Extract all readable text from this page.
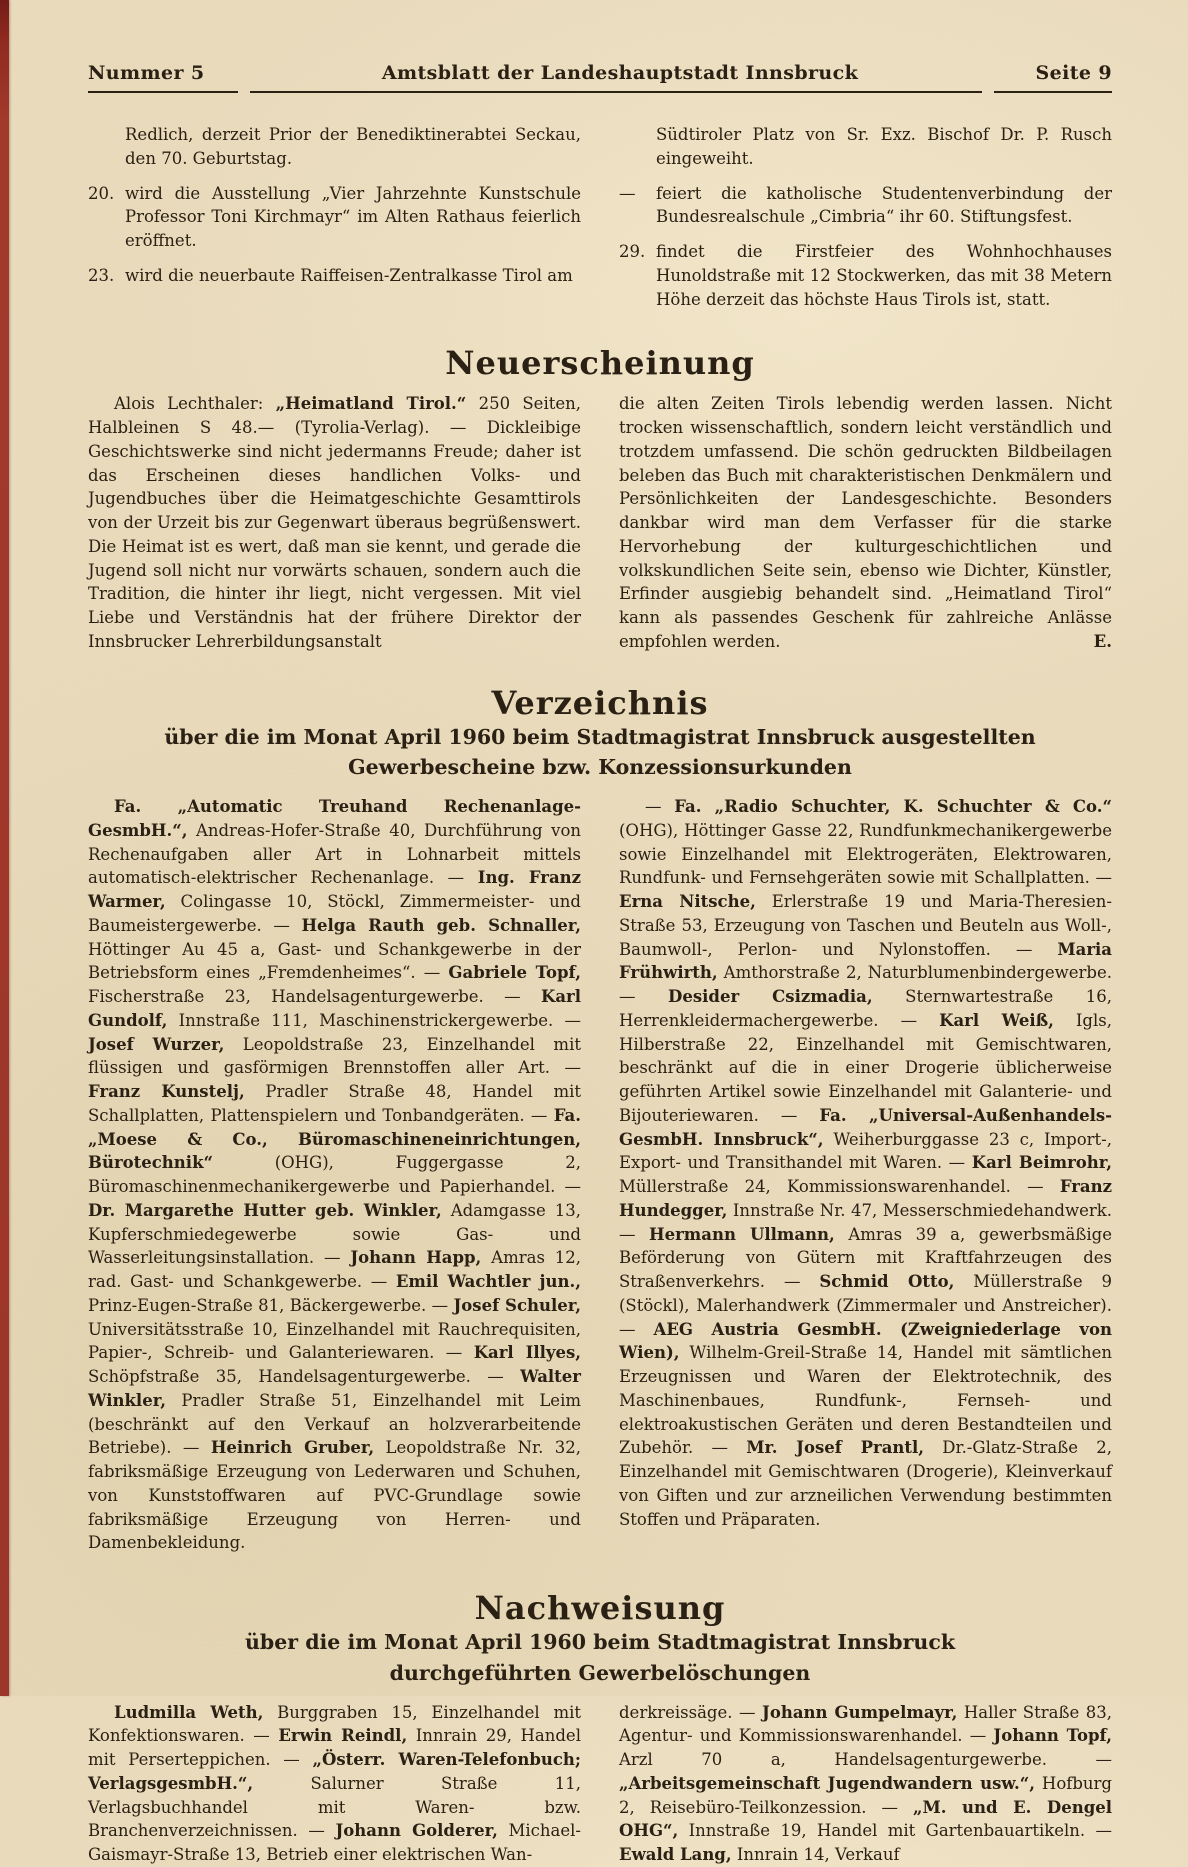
Nummer 5	Amtsblatt der Landeshauptstadt Innsbruck	Seite 9
Redlich, derzeit Prior der Benediktinerabtei Seckau, den 70. Geburtstag.
20. wird die Ausstellung „Vier Jahrzehnte Kunstschule Professor Toni Kirchmayr“ im Alten Rathaus feierlich eröffnet.
23. wird die neuerbaute Raiffeisen-Zentralkasse Tirol am
Südtiroler Platz von Sr. Exz. Bischof Dr. P. Rusch eingeweiht.
— feiert die katholische Studentenverbindung der Bundesrealschule „Cimbria“ ihr 60. Stiftungsfest.
29. findet die Firstfeier des Wohnhochhauses Hunoldstraße mit 12 Stockwerken, das mit 38 Metern Höhe derzeit das höchste Haus Tirols ist, statt.
Neuerscheinung
Alois Lechthaler: „Heimatland Tirol.“ 250 Seiten, Halbleinen S 48.— (Tyrolia-Verlag). — Dickleibige Geschichtswerke sind nicht jedermanns Freude; daher ist das Erscheinen dieses handlichen Volks- und Jugendbuches über die Heimatgeschichte Gesamttirols von der Urzeit bis zur Gegenwart überaus begrüßenswert. Die Heimat ist es wert, daß man sie kennt, und gerade die Jugend soll nicht nur vorwärts schauen, sondern auch die Tradition, die hinter ihr liegt, nicht vergessen. Mit viel Liebe und Verständnis hat der frühere Direktor der Innsbrucker Lehrerbildungsanstalt
die alten Zeiten Tirols lebendig werden lassen. Nicht trocken wissenschaftlich, sondern leicht verständlich und trotzdem umfassend. Die schön gedruckten Bildbeilagen beleben das Buch mit charakteristischen Denkmälern und Persönlichkeiten der Landesgeschichte. Besonders dankbar wird man dem Verfasser für die starke Hervorhebung der kulturgeschichtlichen und volkskundlichen Seite sein, ebenso wie Dichter, Künstler, Erfinder ausgiebig behandelt sind. „Heimatland Tirol“ kann als passendes Geschenk für zahlreiche Anlässe empfohlen werden.	E.
Verzeichnis

über die im Monat April 1960 beim Stadtmagistrat Innsbruck ausgestellten

Gewerbescheine bzw. Konzessionsurkunden

Fa. „Automatic Treuhand Rechenanlage-GesmbH.“, Andreas-Hofer-Straße 40, Durchführung von Rechenaufgaben aller Art in Lohnarbeit mittels automatisch-elektrischer Rechenanlage. — Ing. Franz Warmer, Colingasse 10, Stöckl, Zimmermeister- und Baumeistergewerbe. — Helga Rauth geb. Schnaller, Höttinger Au 45 a, Gast- und Schankgewerbe in der Betriebsform eines „Fremdenheimes“. — Gabriele Topf, Fischerstraße 23, Handelsagenturgewerbe. — Karl Gundolf, Innstraße 111, Maschinenstrickergewerbe. — Josef Wurzer, Leopoldstraße 23, Einzelhandel mit flüssigen und gasförmigen Brennstoffen aller Art. — Franz Kunstelj, Pradler Straße 48, Handel mit Schallplatten, Plattenspielern und Tonbandgeräten. — Fa. „Moese & Co., Büromaschineneinrichtungen, Bürotechnik“ (OHG), Fuggergasse 2, Büromaschinenmechanikergewerbe und Papierhandel. — Dr. Margarethe Hutter geb. Winkler, Adamgasse 13, Kupferschmiedegewerbe sowie Gas- und Wasserleitungsinstallation. — Johann Happ, Amras 12, rad. Gast- und Schankgewerbe. — Emil Wachtler jun., Prinz-Eugen-Straße 81, Bäckergewerbe. — Josef Schuler, Universitätsstraße 10, Einzelhandel mit Rauchrequisiten, Papier-, Schreib- und Galanteriewaren. — Karl Illyes, Schöpfstraße 35, Handelsagenturgewerbe. — Walter Winkler, Pradler Straße 51, Einzelhandel mit Leim (beschränkt auf den Verkauf an holzverarbeitende Betriebe). — Heinrich Gruber, Leopoldstraße Nr. 32, fabriksmäßige Erzeugung von Lederwaren und Schuhen, von Kunststoffwaren auf PVC-Grundlage sowie fabriksmäßige Erzeugung von Herren- und Damenbekleidung.
— Fa. „Radio Schuchter, K. Schuchter & Co.“ (OHG), Höttinger Gasse 22, Rundfunkmechanikergewerbe sowie Einzelhandel mit Elektrogeräten, Elektrowaren, Rundfunk- und Fernsehgeräten sowie mit Schallplatten. — Erna Nitsche, Erlerstraße 19 und Maria-Theresien-Straße 53, Erzeugung von Taschen und Beuteln aus Woll-, Baumwoll-, Perlon- und Nylonstoffen. — Maria Frühwirth, Amthorstraße 2, Naturblumenbindergewerbe. — Desider Csizmadia, Sternwartestraße 16, Herrenkleidermachergewerbe. — Karl Weiß, Igls, Hilberstraße 22, Einzelhandel mit Gemischtwaren, beschränkt auf die in einer Drogerie üblicherweise geführten Artikel sowie Einzelhandel mit Galanterie- und Bijouteriewaren. — Fa. „Universal-Außenhandels-GesmbH. Innsbruck“, Weiherburggasse 23 c, Import-, Export- und Transithandel mit Waren. — Karl Beimrohr, Müllerstraße 24, Kommissionswarenhandel. — Franz Hundegger, Innstraße Nr. 47, Messerschmiedehandwerk. — Hermann Ullmann, Amras 39 a, gewerbsmäßige Beförderung von Gütern mit Kraftfahrzeugen des Straßenverkehrs. — Schmid Otto, Müllerstraße 9 (Stöckl), Malerhandwerk (Zimmermaler und Anstreicher). — AEG Austria GesmbH. (Zweigniederlage von Wien), Wilhelm-Greil-Straße 14, Handel mit sämtlichen Erzeugnissen und Waren der Elektrotechnik, des Maschinenbaues, Rundfunk-, Fernseh- und elektroakustischen Geräten und deren Bestandteilen und Zubehör. — Mr. Josef Prantl, Dr.-Glatz-Straße 2, Einzelhandel mit Gemischtwaren (Drogerie), Kleinverkauf von Giften und zur arzneilichen Verwendung bestimmten Stoffen und Präparaten.
Nachweisung

über die im Monat April 1960 beim Stadtmagistrat Innsbruck

durchgeführten Gewerbelöschungen

Ludmilla Weth, Burggraben 15, Einzelhandel mit Konfektionswaren. — Erwin Reindl, Innrain 29, Handel mit Perserteppichen. — „Österr. Waren-Telefonbuch; VerlagsgesmbH.“, Salurner Straße 11, Verlagsbuchhandel mit Waren- bzw. Branchenverzeichnissen. — Johann Golderer, Michael-Gaismayr-Straße 13, Betrieb einer elektrischen Wan-
derkreissäge. — Johann Gumpelmayr, Haller Straße 83, Agentur- und Kommissionswarenhandel. — Johann Topf, Arzl 70 a, Handelsagenturgewerbe. — „Arbeitsgemeinschaft Jugendwandern usw.“, Hofburg 2, Reisebüro-Teilkonzession. — „M. und E. Dengel OHG“, Innstraße 19, Handel mit Gartenbauartikeln. — Ewald Lang, Innrain 14, Verkauf
